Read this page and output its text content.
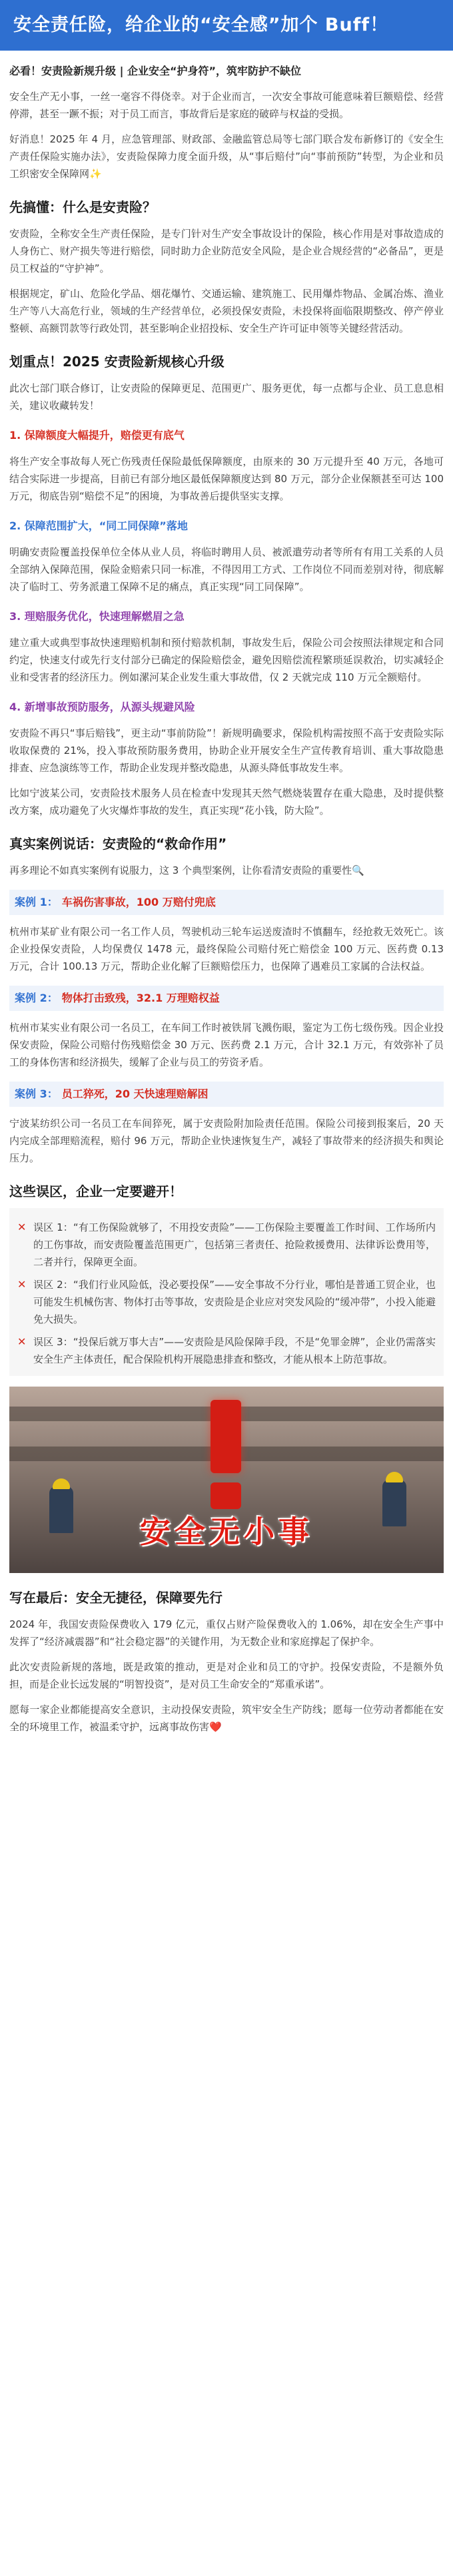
安全责任险，给企业的“安全感”加个 Buff！

必看！安责险新规升级 | 企业安全“护身符”，筑牢防护不缺位

安全生产无小事，一丝一毫容不得侥幸。对于企业而言，一次安全事故可能意味着巨额赔偿、经营停滞，甚至一蹶不振；对于员工而言，事故背后是家庭的破碎与权益的受损。

好消息！2025 年 4 月，应急管理部、财政部、金融监管总局等七部门联合发布新修订的《安全生产责任保险实施办法》，安责险保障力度全面升级，从“事后赔付”向“事前预防”转型，为企业和员工织密安全保障网✨

先搞懂：什么是安责险？

安责险，全称安全生产责任保险，是专门针对生产安全事故设计的保险，核心作用是对事故造成的人身伤亡、财产损失等进行赔偿，同时助力企业防范安全风险，是企业合规经营的“必备品”，更是员工权益的“守护神”。

根据规定，矿山、危险化学品、烟花爆竹、交通运输、建筑施工、民用爆炸物品、金属冶炼、渔业生产等八大高危行业，领域的生产经营单位，必须投保安责险，未投保将面临限期整改、停产停业整顿、高额罚款等行政处罚，甚至影响企业招投标、安全生产许可证申领等关键经营活动。

划重点！2025 安责险新规核心升级

此次七部门联合修订，让安责险的保障更足、范围更广、服务更优，每一点都与企业、员工息息相关，建议收藏转发！

1. 保障额度大幅提升，赔偿更有底气

将生产安全事故每人死亡伤残责任保险最低保障额度，由原来的 30 万元提升至 40 万元，各地可结合实际进一步提高，目前已有部分地区最低保障额度达到 80 万元，部分企业保额甚至可达 100 万元，彻底告别“赔偿不足”的困境，为事故善后提供坚实支撑。

2. 保障范围扩大，“同工同保障”落地

明确安责险覆盖投保单位全体从业人员，将临时聘用人员、被派遣劳动者等所有有用工关系的人员全部纳入保障范围，保险金赔索只同一标准，不得因用工方式、工作岗位不同而差别对待，彻底解决了临时工、劳务派遣工保障不足的痛点，真正实现“同工同保障”。

3. 理赔服务优化，快速理解燃眉之急

建立重大或典型事故快速理赔机制和预付赔款机制，事故发生后，保险公司会按照法律规定和合同约定，快速支付或先行支付部分已确定的保险赔偿金，避免因赔偿流程繁琐延误救治，切实减轻企业和受害者的经济压力。例如漯河某企业发生重大事故借，仅 2 天就完成 110 万元全额赔付。

4. 新增事故预防服务，从源头规避风险

安责险不再只“事后赔钱”，更主动“事前防险”！新规明确要求，保险机构需按照不高于安责险实际收取保费的 21%，投入事故预防服务费用，协助企业开展安全生产宣传教育培训、重大事故隐患排查、应急演练等工作，帮助企业发现并整改隐患，从源头降低事故发生率。

比如宁波某公司，安责险技术服务人员在检查中发现其天然气燃烧装置存在重大隐患，及时提供整改方案，成功避免了火灾爆炸事故的发生，真正实现“花小钱，防大险”。

真实案例说话：安责险的“救命作用”

再多理论不如真实案例有说服力，这 3 个典型案例，让你看清安责险的重要性🔍

案例 1： 车祸伤害事故，100 万赔付兜底

杭州市某矿业有限公司一名工作人员，驾驶机动三轮车运送废渣时不慎翻车，经抢救无效死亡。该企业投保安责险，人均保费仅 1478 元，最终保险公司赔付死亡赔偿金 100 万元、医药费 0.13 万元，合计 100.13 万元，帮助企业化解了巨额赔偿压力，也保障了遇难员工家属的合法权益。

案例 2： 物体打击致残，32.1 万理赔权益

杭州市某实业有限公司一名员工，在车间工作时被铁屑飞溅伤眼，鉴定为工伤七级伤残。因企业投保安责险，保险公司赔付伤残赔偿金 30 万元、医药费 2.1 万元，合计 32.1 万元，有效弥补了员工的身体伤害和经济损失，缓解了企业与员工的劳资矛盾。

案例 3： 员工猝死，20 天快速理赔解困

宁波某纺织公司一名员工在车间猝死，属于安责险附加险责任范围。保险公司接到报案后，20 天内完成全部理赔流程，赔付 96 万元，帮助企业快速恢复生产，减轻了事故带来的经济损失和舆论压力。

这些误区，企业一定要避开！
✕ 误区 1：“有工伤保险就够了，不用投安责险”——工伤保险主要覆盖工作时间、工作场所内的工伤事故，而安责险覆盖范围更广，包括第三者责任、抢险救援费用、法律诉讼费用等，二者并行，保障更全面。
✕ 误区 2：“我们行业风险低，没必要投保”——安全事故不分行业，哪怕是普通工贸企业，也可能发生机械伤害、物体打击等事故，安责险是企业应对突发风险的“缓冲带”，小投入能避免大损失。
✕ 误区 3：“投保后就万事大吉”——安责险是风险保障手段，不是“免罪金牌”，企业仍需落实安全生产主体责任，配合保险机构开展隐患排查和整改，才能从根本上防范事故。
安全无小事
写在最后：安全无捷径，保障要先行

2024 年，我国安责险保费收入 179 亿元，重仅占财产险保费收入的 1.06%，却在安全生产事中发挥了“经济减震器”和“社会稳定器”的关键作用，为无数企业和家庭撑起了保护伞。

此次安责险新规的落地，既是政策的推动，更是对企业和员工的守护。投保安责险，不是额外负担，而是企业长远发展的“明智投资”，是对员工生命安全的“郑重承诺”。

愿每一家企业都能提高安全意识，主动投保安责险，筑牢安全生产防线；愿每一位劳动者都能在安全的环境里工作，被温柔守护，远离事故伤害❤️
